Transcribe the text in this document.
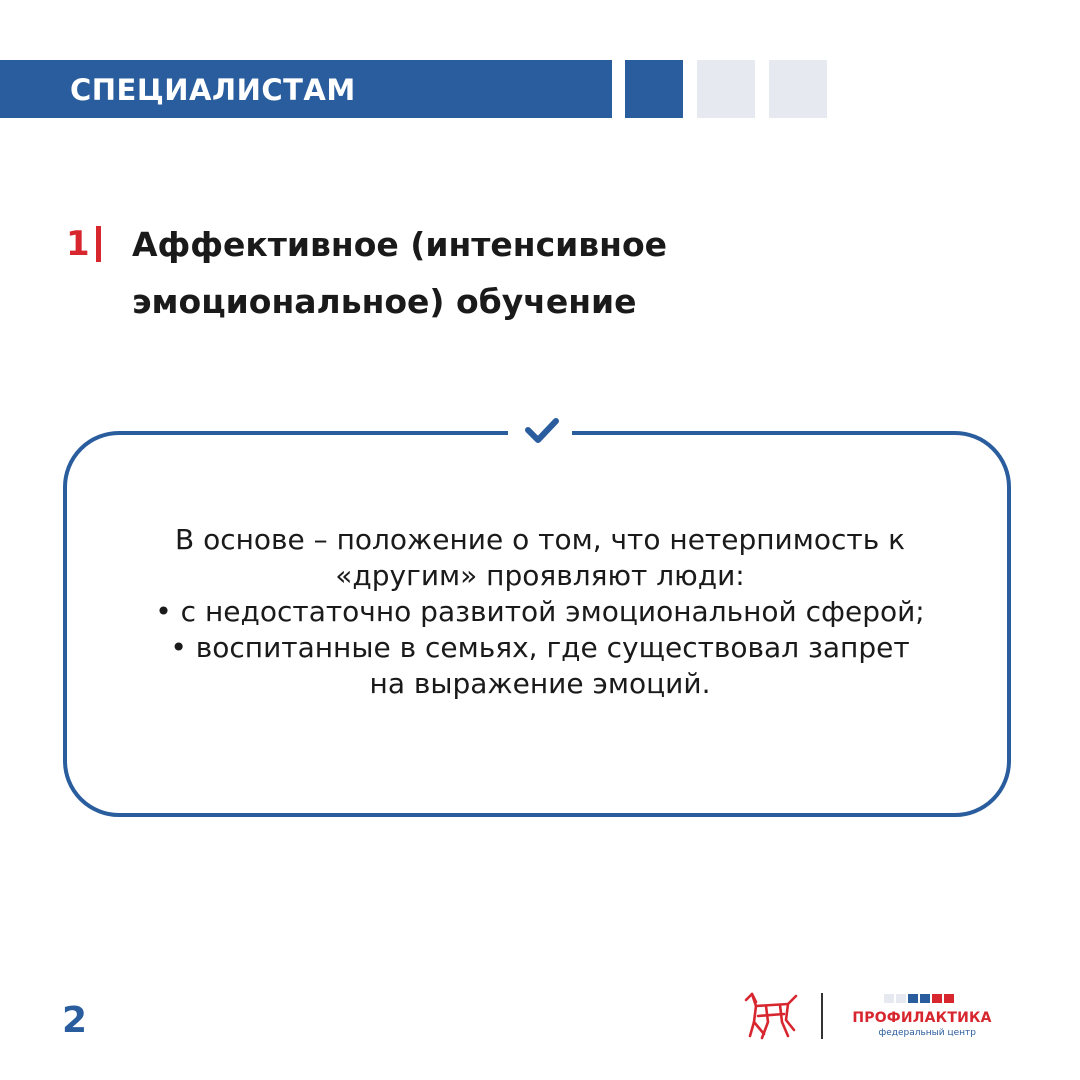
СПЕЦИАЛИСТАМ
1 Аффективное (интенсивное
эмоциональное) обучение
В основе – положение о том, что нетерпимость к
«другим» проявляют люди:
• с недостаточно развитой эмоциональной сферой;
• воспитанные в семьях, где существовал запрет
на выражение эмоций.
2	ПРОФИЛАКТИКА
федеральный центр
